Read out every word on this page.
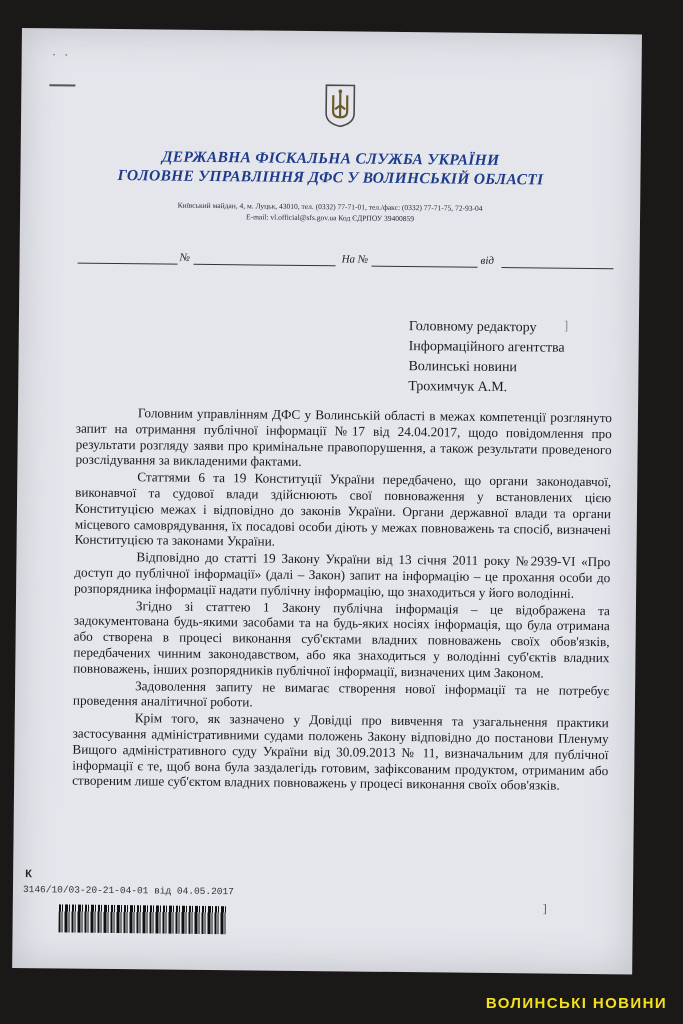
· ·
ДЕРЖАВНА ФІСКАЛЬНА СЛУЖБА УКРАЇНИ
ГОЛОВНЕ УПРАВЛІННЯ ДФС У ВОЛИНСЬКІЙ ОБЛАСТІ
Київський майдан, 4, м. Луцьк, 43010, тел. (0332) 77-71-01, тел./факс: (0332) 77-71-75, 72-93-04
E-mail: vl.official@sfs.gov.ua Код ЄДРПОУ 39400859
№	На №	від
Головному редактору
Інформаційного агентства
Волинські новини
Трохимчук А.М.
]

Головним управлінням ДФС у Волинській області в межах компетенції розглянуто запит на отримання публічної інформації №17 від 24.04.2017, щодо повідомлення про результати розгляду заяви про кримінальне правопорушення, а також результати проведеного розслідування за викладеними фактами.

Статтями 6 та 19 Конституції України передбачено, що органи законодавчої, виконавчої та судової влади здійснюють свої повноваження у встановлених цією Конституцією межах і відповідно до законів України. Органи державної влади та органи місцевого самоврядування, їх посадові особи діють у межах повноважень та спосіб, визначені Конституцією та законами України.

Відповідно до статті 19 Закону України від 13 січня 2011 року №2939-VI «Про доступ до публічної інформації» (далі – Закон) запит на інформацію – це прохання особи до розпорядника інформації надати публічну інформацію, що знаходиться у його володінні.

Згідно зі статтею 1 Закону публічна інформація – це відображена та задокументована будь-якими засобами та на будь-яких носіях інформація, що була отримана або створена в процесі виконання суб'єктами владних повноважень своїх обов'язків, передбачених чинним законодавством, або яка знаходиться у володінні суб'єктів владних повноважень, інших розпорядників публічної інформації, визначених цим Законом.

Задоволення запиту не вимагає створення нової інформації та не потребує проведення аналітичної роботи.

Крім того, як зазначено у Довідці про вивчення та узагальнення практики застосування адміністративними судами положень Закону відповідно до постанови Пленуму Вищого адміністративного суду України від 30.09.2013 № 11, визначальним для публічної інформації є те, щоб вона була заздалегідь готовим, зафіксованим продуктом, отриманим або створеним лише суб'єктом владних повноважень у процесі виконання своїх обов'язків.

К
3146/10/03-20-21-04-01 від 04.05.2017
]
ВОЛИНСЬКІ НОВИНИ
